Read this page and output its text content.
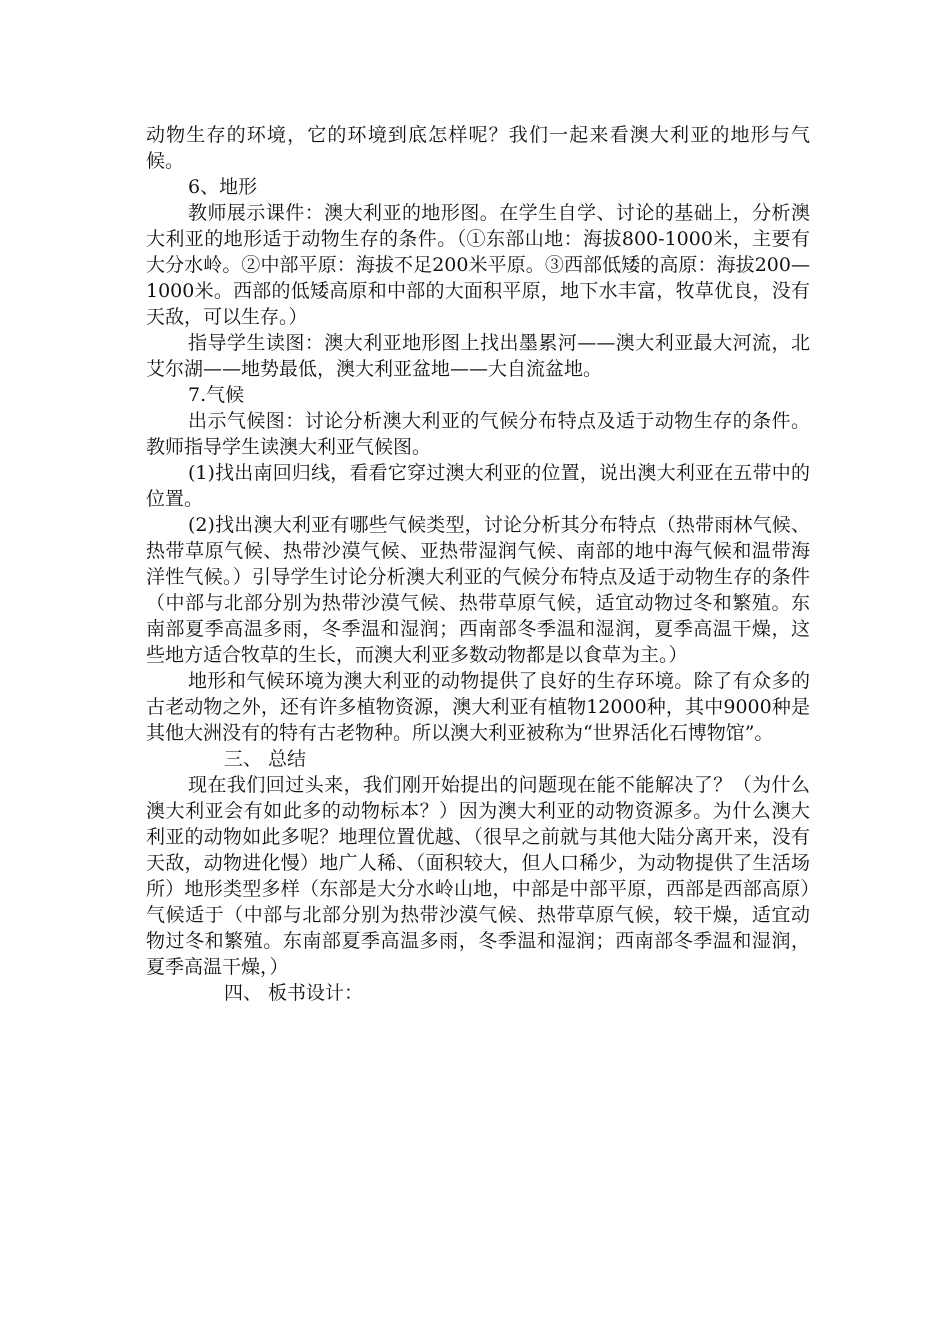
动物生存的环境，它的环境到底怎样呢？我们一起来看澳大利亚的地形与气候。

6、地形

教师展示课件：澳大利亚的地形图。在学生自学、讨论的基础上，分析澳大利亚的地形适于动物生存的条件。（①东部山地：海拔800-1000米，主要有大分水岭。②中部平原：海拔不足200米平原。③西部低矮的高原：海拔200—1000米。西部的低矮高原和中部的大面积平原，地下水丰富，牧草优良，没有天敌，可以生存。）

指导学生读图：澳大利亚地形图上找出墨累河——澳大利亚最大河流，北艾尔湖——地势最低，澳大利亚盆地——大自流盆地。

7.气候

出示气候图：讨论分析澳大利亚的气候分布特点及适于动物生存的条件。教师指导学生读澳大利亚气候图。

(1)找出南回归线，看看它穿过澳大利亚的位置，说出澳大利亚在五带中的位置。

(2)找出澳大利亚有哪些气候类型，讨论分析其分布特点（热带雨林气候、热带草原气候、热带沙漠气候、亚热带湿润气候、南部的地中海气候和温带海洋性气候。）引导学生讨论分析澳大利亚的气候分布特点及适于动物生存的条件（中部与北部分别为热带沙漠气候、热带草原气候，适宜动物过冬和繁殖。东南部夏季高温多雨，冬季温和湿润；西南部冬季温和湿润，夏季高温干燥，这些地方适合牧草的生长，而澳大利亚多数动物都是以食草为主。）

地形和气候环境为澳大利亚的动物提供了良好的生存环境。除了有众多的古老动物之外，还有许多植物资源，澳大利亚有植物12000种，其中9000种是其他大洲没有的特有古老物种。所以澳大利亚被称为“世界活化石博物馆”。

三、 总结

现在我们回过头来，我们刚开始提出的问题现在能不能解决了？（为什么澳大利亚会有如此多的动物标本？）因为澳大利亚的动物资源多。为什么澳大利亚的动物如此多呢？地理位置优越、（很早之前就与其他大陆分离开来，没有天敌，动物进化慢）地广人稀、（面积较大，但人口稀少，为动物提供了生活场所）地形类型多样（东部是大分水岭山地，中部是中部平原，西部是西部高原）气候适于（中部与北部分别为热带沙漠气候、热带草原气候，较干燥，适宜动物过冬和繁殖。东南部夏季高温多雨，冬季温和湿润；西南部冬季温和湿润，夏季高温干燥，）

四、 板书设计：
